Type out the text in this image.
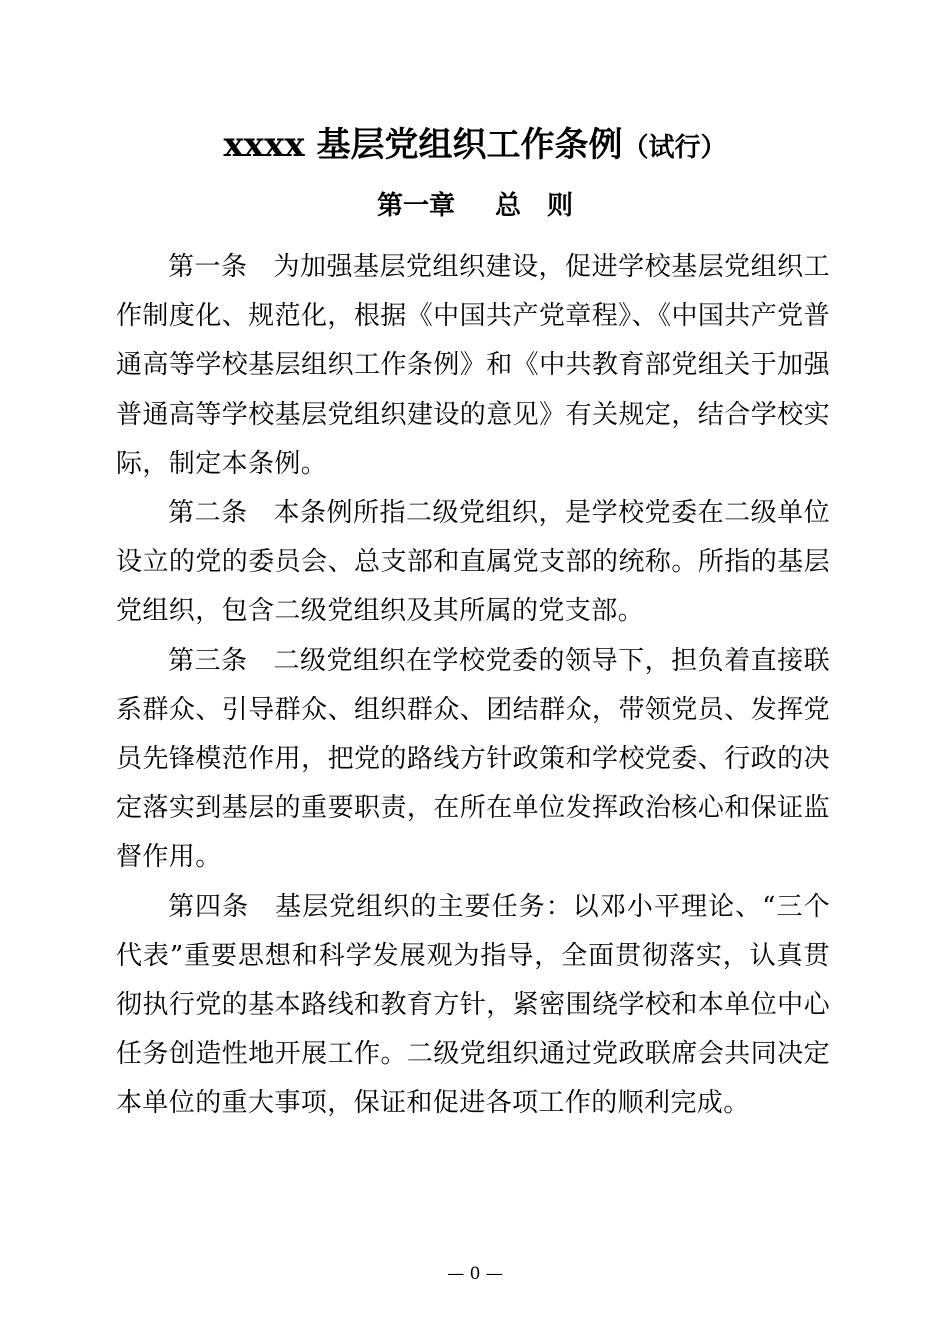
xxxx 基层党组织工作条例（试行）
第一章 总　则

第一条 为加强基层党组织建设，促进学校基层党组织工作制度化、规范化，根据《中国共产党章程》、《中国共产党普通高等学校基层组织工作条例》和《中共教育部党组关于加强普通高等学校基层党组织建设的意见》有关规定，结合学校实际，制定本条例。

第二条 本条例所指二级党组织，是学校党委在二级单位设立的党的委员会、总支部和直属党支部的统称。所指的基层党组织，包含二级党组织及其所属的党支部。

第三条 二级党组织在学校党委的领导下，担负着直接联系群众、引导群众、组织群众、团结群众，带领党员、发挥党员先锋模范作用，把党的路线方针政策和学校党委、行政的决定落实到基层的重要职责，在所在单位发挥政治核心和保证监督作用。

第四条 基层党组织的主要任务：以邓小平理论、“三个代表”重要思想和科学发展观为指导，全面贯彻落实，认真贯彻执行党的基本路线和教育方针，紧密围绕学校和本单位中心任务创造性地开展工作。二级党组织通过党政联席会共同决定本单位的重大事项，保证和促进各项工作的顺利完成。

— 0 —
